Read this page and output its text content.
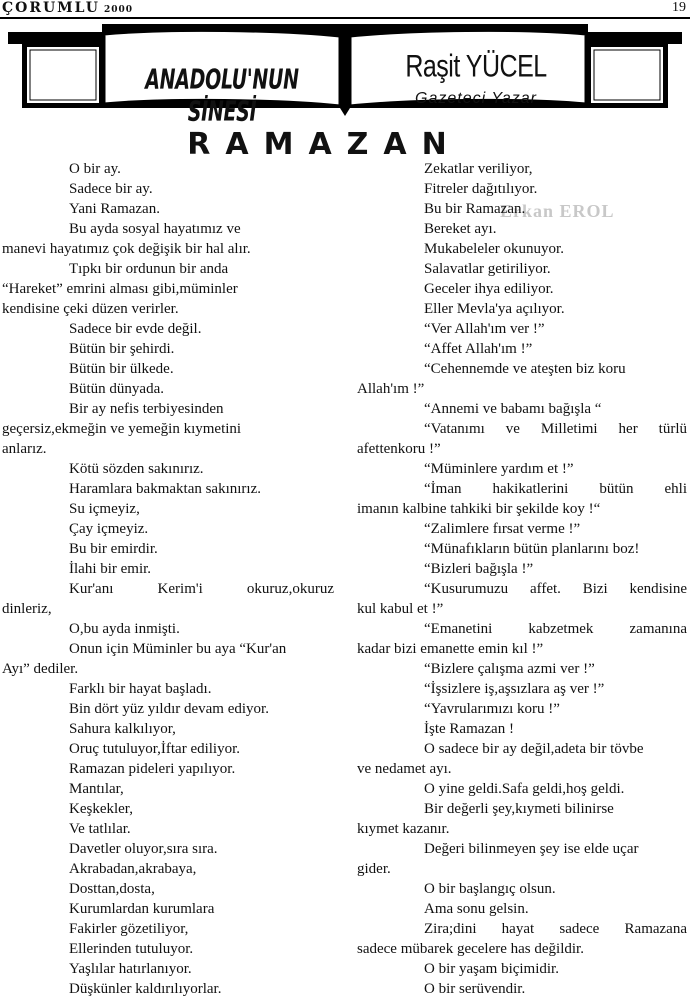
ÇORUMLU 2000	19
ANADOLU'NUN SİNESİ
Raşit YÜCEL
Gazeteci Yazar
RAMAZAN
Erkan EROL
O bir ay.
Sadece bir ay.
Yani Ramazan.
Bu ayda sosyal hayatımız ve
manevi hayatımız çok değişik bir hal alır.
Tıpkı bir ordunun bir anda
“Hareket” emrini alması gibi,müminler
kendisine çeki düzen verirler.
Sadece bir evde değil.
Bütün bir şehirdi.
Bütün bir ülkede.
Bütün dünyada.
Bir ay nefis terbiyesinden
geçersiz,ekmeğin ve yemeğin kıymetini
anlarız.
Kötü sözden sakınırız.
Haramlara bakmaktan sakınırız.
Su içmeyiz,
Çay içmeyiz.
Bu bir emirdir.
İlahi bir emir.
Kur'anı Kerim'i okuruz,okuruz
dinleriz,
O,bu ayda inmişti.
Onun için Müminler bu aya “Kur'an
Ayı” dediler.
Farklı bir hayat başladı.
Bin dört yüz yıldır devam ediyor.
Sahura kalkılıyor,
Oruç tutuluyor,İftar ediliyor.
Ramazan pideleri yapılıyor.
Mantılar,
Keşkekler,
Ve tatlılar.
Davetler oluyor,sıra sıra.
Akrabadan,akrabaya,
Dosttan,dosta,
Kurumlardan kurumlara
Fakirler gözetiliyor,
Ellerinden tutuluyor.
Yaşlılar hatırlanıyor.
Düşkünler kaldırılıyorlar.
Zekatlar veriliyor,
Fitreler dağıtılıyor.
Bu bir Ramazan.
Bereket ayı.
Mukabeleler okunuyor.
Salavatlar getiriliyor.
Geceler ihya ediliyor.
Eller Mevla'ya açılıyor.
“Ver Allah'ım ver !”
“Affet Allah'ım !”
“Cehennemde ve ateşten biz koru
Allah'ım !”
“Annemi ve babamı bağışla “
“Vatanımı ve Milletimi her türlü
afettenkoru !”
“Müminlere yardım et !”
“İman hakikatlerini bütün ehli
imanın kalbine tahkiki bir şekilde koy !“
“Zalimlere fırsat verme !”
“Münafıkların bütün planlarını boz!
“Bizleri bağışla !”
“Kusurumuzu affet. Bizi kendisine
kul kabul et !”
“Emanetini kabzetmek zamanına
kadar bizi emanette emin kıl !”
“Bizlere çalışma azmi ver !”
“İşsizlere iş,aşsızlara aş ver !”
“Yavrularımızı koru !”
İşte Ramazan !
O sadece bir ay değil,adeta bir tövbe
ve nedamet ayı.
O yine geldi.Safa geldi,hoş geldi.
Bir değerli şey,kıymeti bilinirse
kıymet kazanır.
Değeri bilinmeyen şey ise elde uçar
gider.
O bir başlangıç olsun.
Ama sonu gelsin.
Zira;dini hayat sadece Ramazana
sadece mübarek gecelere has değildir.
O bir yaşam biçimidir.
O bir serüvendir.
